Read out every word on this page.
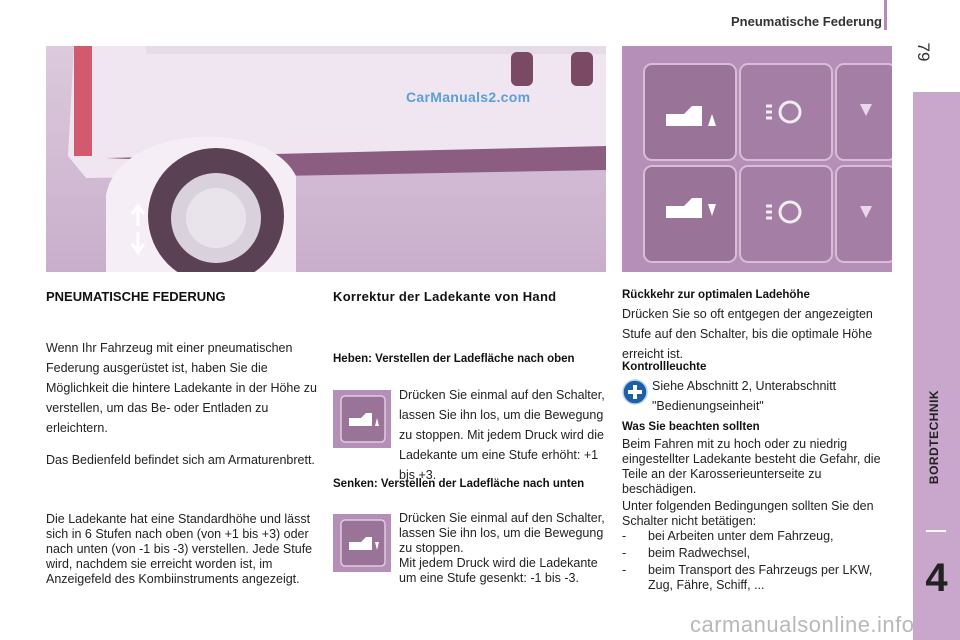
Pneumatische Federung
79
BORDTECHNIK
4
CarManuals2.com
PNEUMATISCHE FEDERUNG

Wenn Ihr Fahrzeug mit einer pneumatischen Federung ausgerüstet ist, haben Sie die Möglichkeit die hintere Ladekante in der Höhe zu verstellen, um das Be- oder Entladen zu erleichtern.

Das Bedienfeld befindet sich am Armaturenbrett.

Die Ladekante hat eine Standardhöhe und lässt sich in 6 Stufen nach oben (von +1 bis +3) oder nach unten (von -1 bis -3) verstellen. Jede Stufe wird, nachdem sie erreicht worden ist, im Anzeigefeld des Kombiinstruments angezeigt.

Korrektur der Ladekante von Hand
Heben: Verstellen der Ladefläche nach oben

Drücken Sie einmal auf den Schalter, lassen Sie ihn los, um die Bewegung zu stoppen. Mit jedem Druck wird die Ladekante um eine Stufe erhöht: +1 bis +3.

Senken: Verstellen der Ladefläche nach unten

Drücken Sie einmal auf den Schalter, lassen Sie ihn los, um die Bewegung zu stoppen.

Mit jedem Druck wird die Ladekante um eine Stufe gesenkt: -1 bis -3.

Rückkehr zur optimalen Ladehöhe

Drücken Sie so oft entgegen der angezeigten Stufe auf den Schalter, bis die optimale Höhe erreicht ist.

Kontrollleuchte

Siehe Abschnitt 2, Unterabschnitt "Bedienungseinheit"

Was Sie beachten sollten

Beim Fahren mit zu hoch oder zu niedrig eingestellter Ladekante besteht die Gefahr, die Teile an der Karosserieunterseite zu beschädigen.

Unter folgenden Bedingungen sollten Sie den Schalter nicht betätigen:

- bei Arbeiten unter dem Fahrzeug,
- beim Radwechsel,
- beim Transport des Fahrzeugs per LKW, Zug, Fähre, Schiff, ...
carmanualsonline.info
